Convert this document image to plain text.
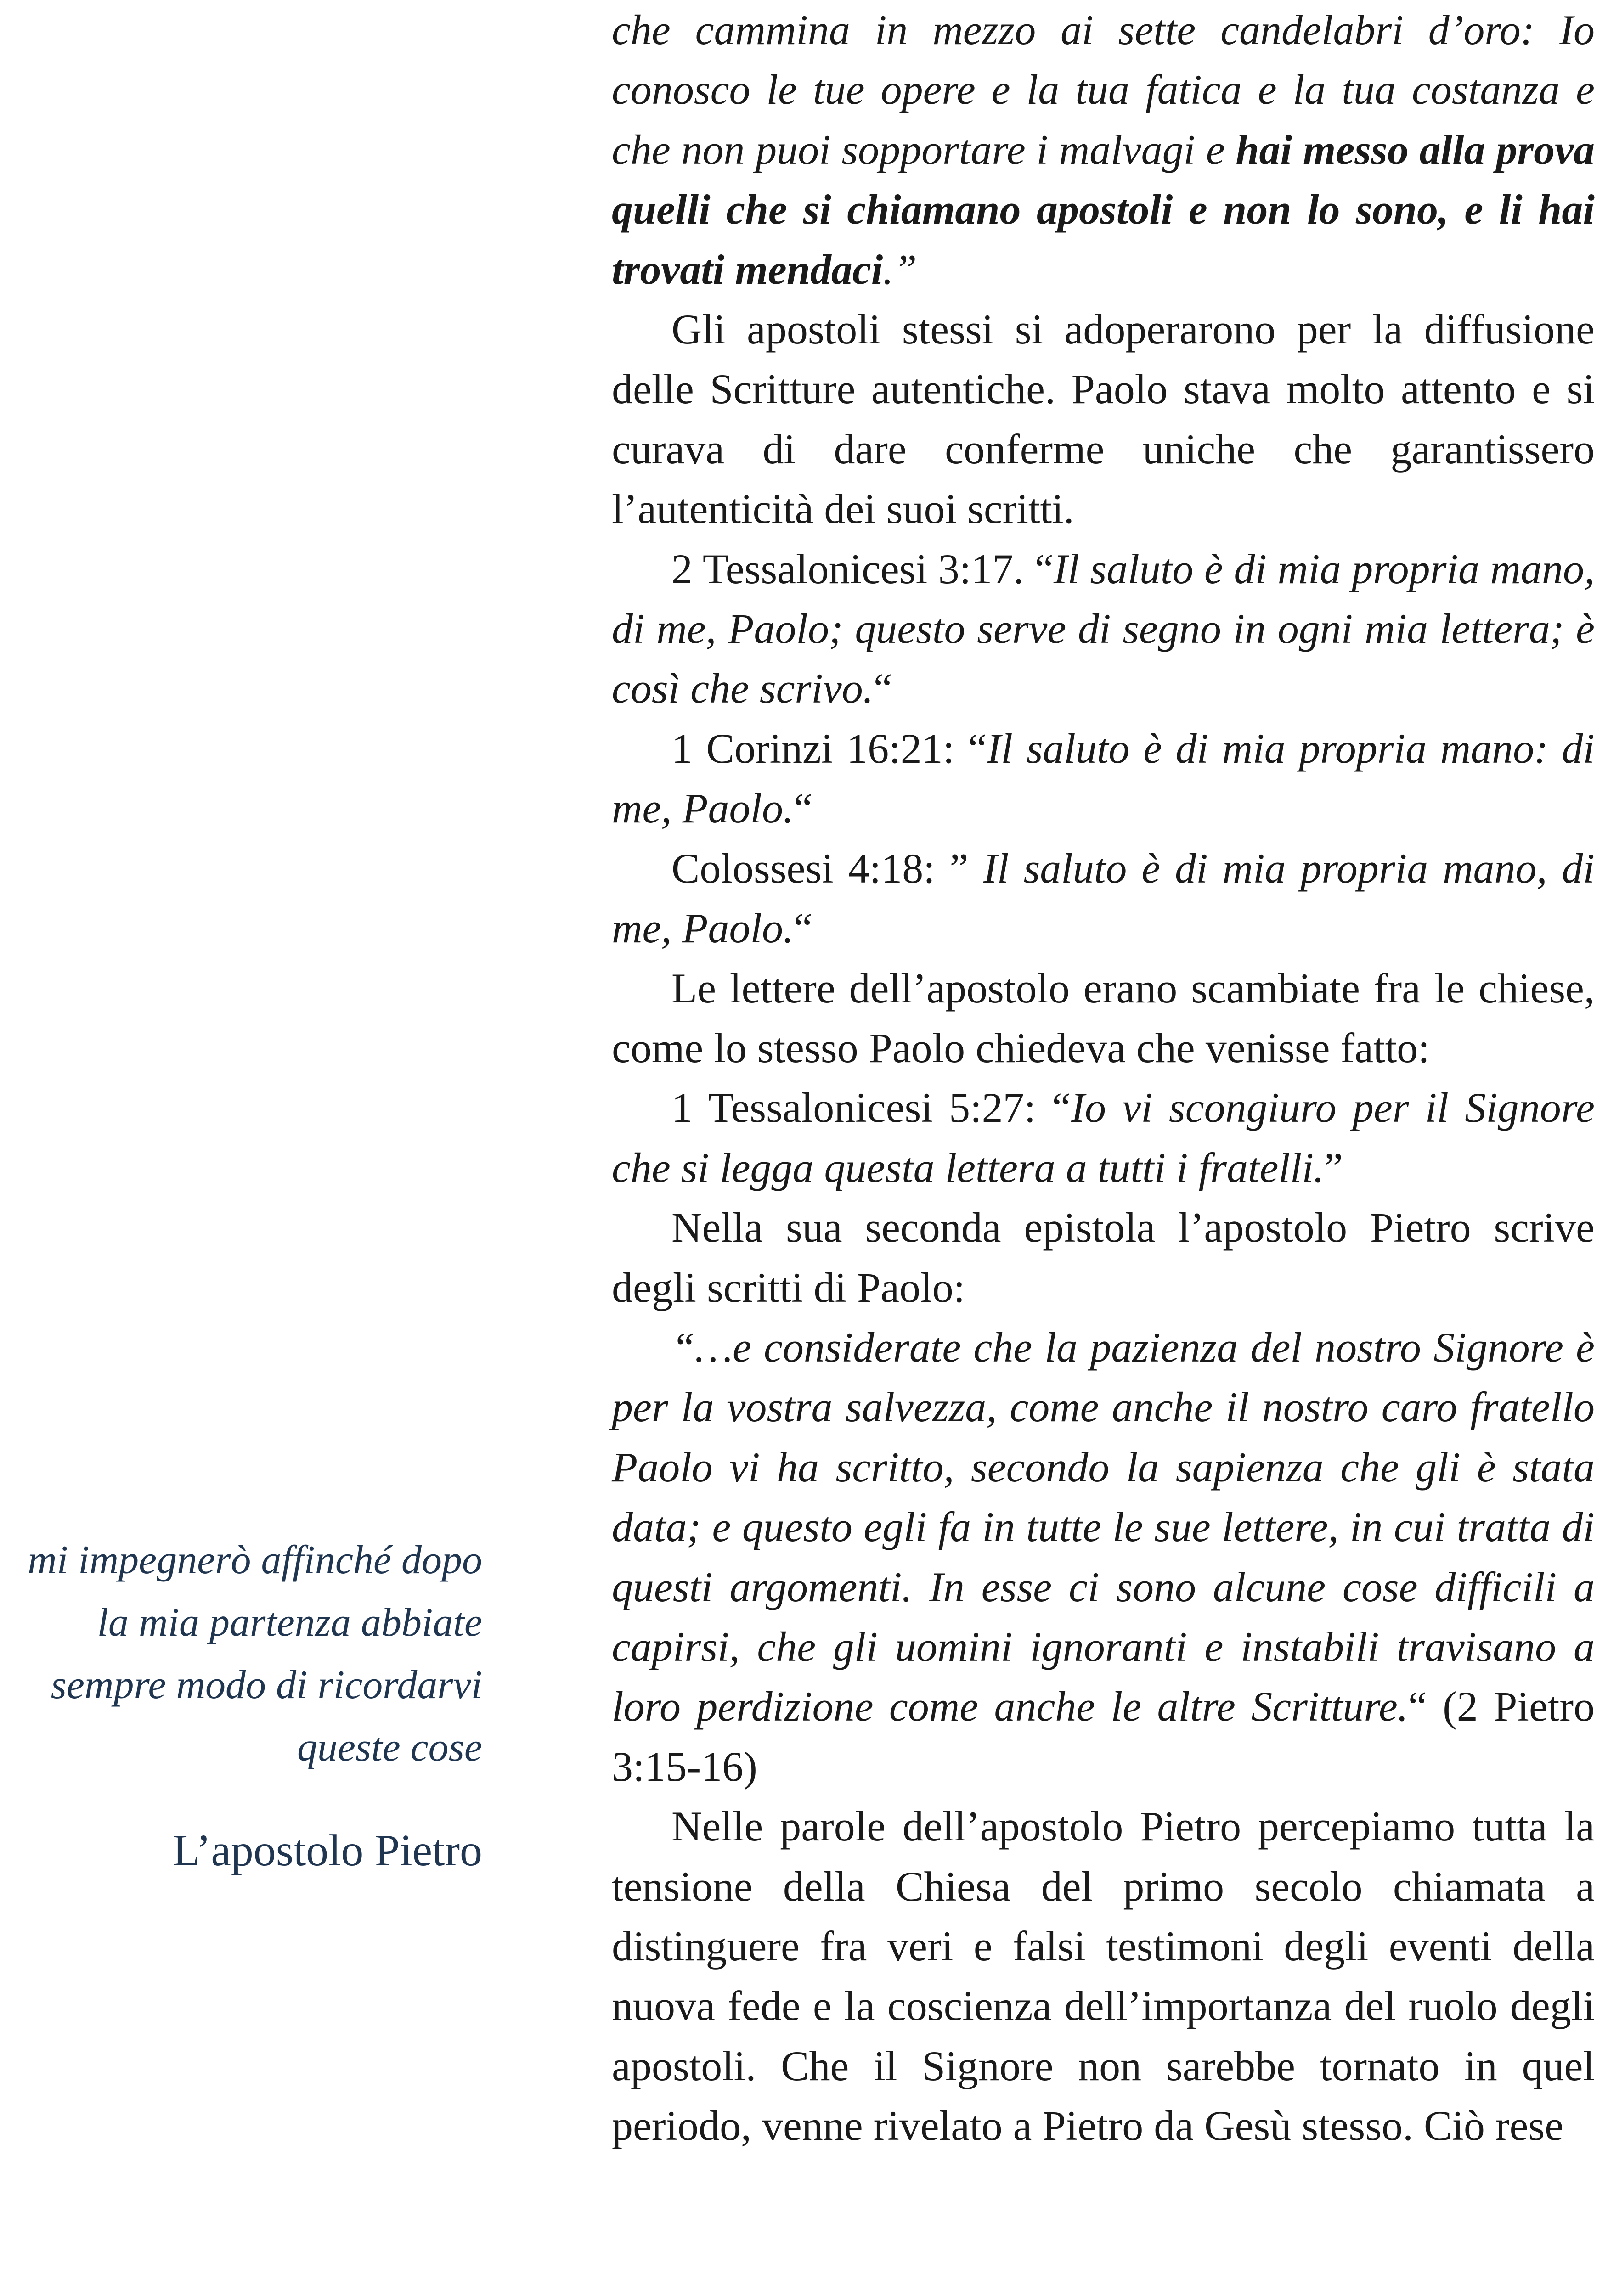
mi impegnerò affinché dopo la mia partenza abbiate sempre modo di ricordarvi queste cose

L’apostolo Pietro

che cammina in mezzo ai sette candelabri d’oro: Io conosco le tue opere e la tua fatica e la tua costanza e che non puoi sopportare i malvagi e hai messo alla prova quelli che si chiamano apostoli e non lo sono, e li hai trovati mendaci.”

Gli apostoli stessi si adoperarono per la diffusione delle Scritture autentiche. Paolo stava molto attento e si curava di dare conferme uniche che garantissero l’autenticità dei suoi scritti.

2 Tessalonicesi 3:17. “Il saluto è di mia propria mano, di me, Paolo; questo serve di segno in ogni mia lettera; è così che scrivo.“

1 Corinzi 16:21: “Il saluto è di mia propria mano: di me, Paolo.“

Colossesi 4:18: ” Il saluto è di mia propria mano, di me, Paolo.“

Le lettere dell’apostolo erano scambiate fra le chiese, come lo stesso Paolo chiedeva che venisse fatto:

1 Tessalonicesi 5:27: “Io vi scongiuro per il Signore che si legga questa lettera a tutti i fratelli.”

Nella sua seconda epistola l’apostolo Pietro scrive degli scritti di Paolo:

“…e considerate che la pazienza del nostro Signore è per la vostra salvezza, come anche il nostro caro fratello Paolo vi ha scritto, secondo la sapienza che gli è stata data; e questo egli fa in tutte le sue lettere, in cui tratta di questi argomenti. In esse ci sono alcune cose difficili a capirsi, che gli uomini ignoranti e instabili travisano a loro perdizione come anche le altre Scritture.“ (2 Pietro 3:15-16)

Nelle parole dell’apostolo Pietro percepiamo tutta la tensione della Chiesa del primo secolo chiamata a distinguere fra veri e falsi testimoni degli eventi della nuova fede e la coscienza dell’importanza del ruolo degli apostoli. Che il Signore non sarebbe tornato in quel periodo, venne rivelato a Pietro da Gesù stesso. Ciò rese
